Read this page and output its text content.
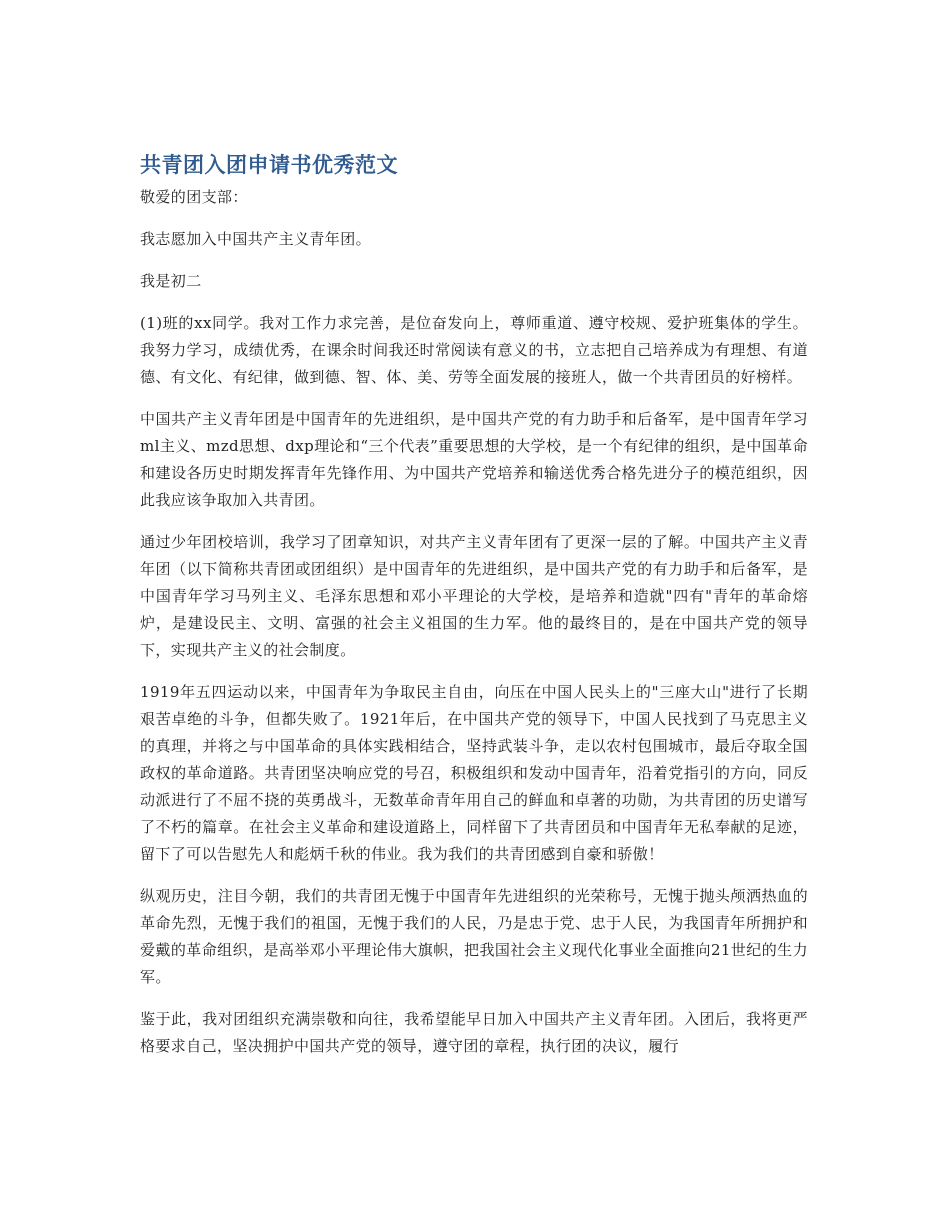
共青团入团申请书优秀范文

敬爱的团支部：

我志愿加入中国共产主义青年团。

我是初二

(1)班的xx同学。我对工作力求完善，是位奋发向上，尊师重道、遵守校规、爱护班集体的学生。我努力学习，成绩优秀，在课余时间我还时常阅读有意义的书，立志把自己培养成为有理想、有道德、有文化、有纪律，做到德、智、体、美、劳等全面发展的接班人，做一个共青团员的好榜样。

中国共产主义青年团是中国青年的先进组织，是中国共产党的有力助手和后备军，是中国青年学习ml主义、mzd思想、dxp理论和“三个代表”重要思想的大学校，是一个有纪律的组织，是中国革命和建设各历史时期发挥青年先锋作用、为中国共产党培养和输送优秀合格先进分子的模范组织，因此我应该争取加入共青团。

通过少年团校培训，我学习了团章知识，对共产主义青年团有了更深一层的了解。中国共产主义青年团（以下简称共青团或团组织）是中国青年的先进组织，是中国共产党的有力助手和后备军，是中国青年学习马列主义、毛泽东思想和邓小平理论的大学校，是培养和造就"四有"青年的革命熔炉，是建设民主、文明、富强的社会主义祖国的生力军。他的最终目的，是在中国共产党的领导下，实现共产主义的社会制度。

1919年五四运动以来，中国青年为争取民主自由，向压在中国人民头上的"三座大山"进行了长期艰苦卓绝的斗争，但都失败了。1921年后，在中国共产党的领导下，中国人民找到了马克思主义的真理，并将之与中国革命的具体实践相结合，坚持武装斗争，走以农村包围城市，最后夺取全国政权的革命道路。共青团坚决响应党的号召，积极组织和发动中国青年，沿着党指引的方向，同反动派进行了不屈不挠的英勇战斗，无数革命青年用自己的鲜血和卓著的功勋，为共青团的历史谱写了不朽的篇章。在社会主义革命和建设道路上，同样留下了共青团员和中国青年无私奉献的足迹，留下了可以告慰先人和彪炳千秋的伟业。我为我们的共青团感到自豪和骄傲！

纵观历史，注目今朝，我们的共青团无愧于中国青年先进组织的光荣称号，无愧于抛头颅洒热血的革命先烈，无愧于我们的祖国，无愧于我们的人民，乃是忠于党、忠于人民，为我国青年所拥护和爱戴的革命组织，是高举邓小平理论伟大旗帜，把我国社会主义现代化事业全面推向21世纪的生力军。

鉴于此，我对团组织充满崇敬和向往，我希望能早日加入中国共产主义青年团。入团后，我将更严格要求自己，坚决拥护中国共产党的领导，遵守团的章程，执行团的决议，履行
